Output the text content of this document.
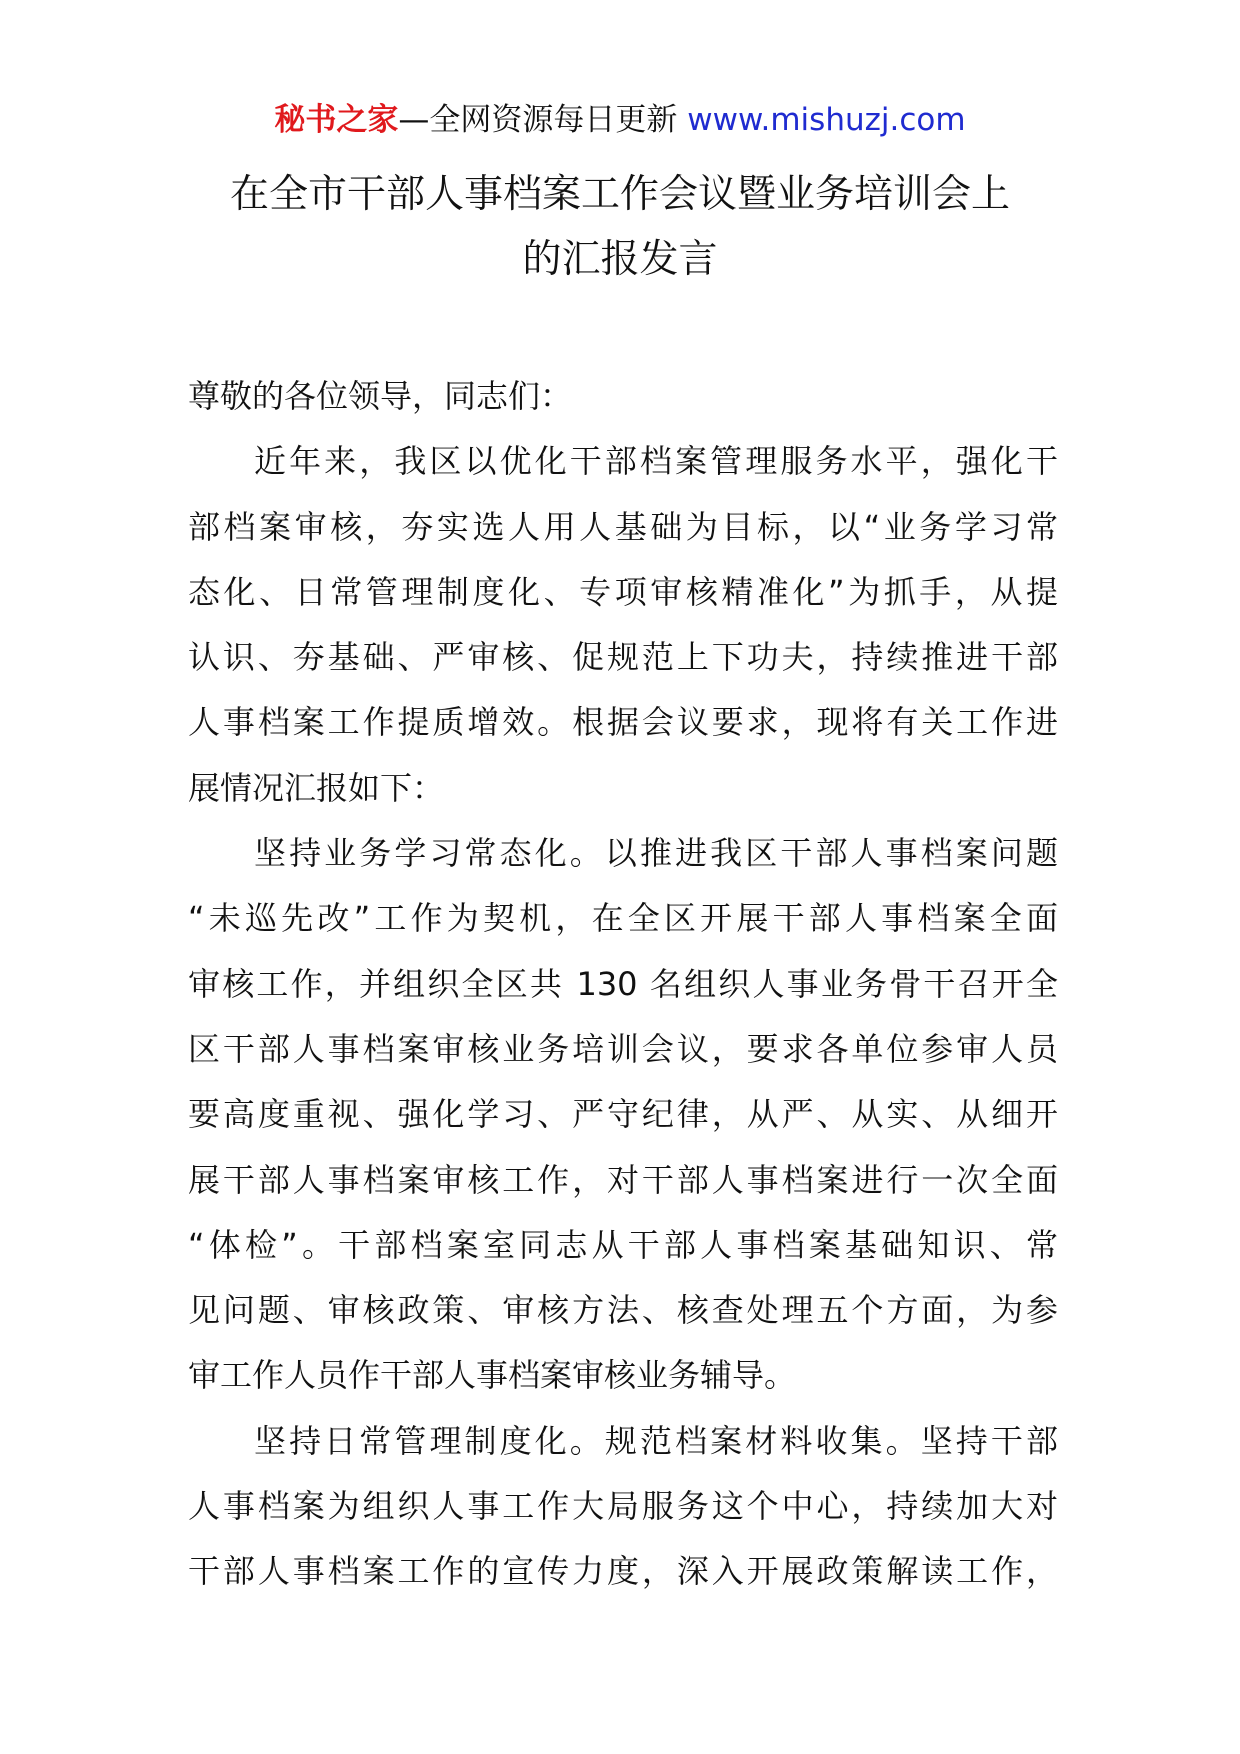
秘书之家—全网资源每日更新 www.mishuzj.com
在全市干部人事档案工作会议暨业务培训会上
的汇报发言
尊敬的各位领导，同志们：
近年来，我区以优化干部档案管理服务水平，强化干
部档案审核，夯实选人用人基础为目标，以“业务学习常
态化、日常管理制度化、专项审核精准化”为抓手，从提
认识、夯基础、严审核、促规范上下功夫，持续推进干部
人事档案工作提质增效。根据会议要求，现将有关工作进
展情况汇报如下：
坚持业务学习常态化。以推进我区干部人事档案问题
“未巡先改”工作为契机，在全区开展干部人事档案全面
审核工作，并组织全区共 130 名组织人事业务骨干召开全
区干部人事档案审核业务培训会议，要求各单位参审人员
要高度重视、强化学习、严守纪律，从严、从实、从细开
展干部人事档案审核工作，对干部人事档案进行一次全面
“体检”。干部档案室同志从干部人事档案基础知识、常
见问题、审核政策、审核方法、核查处理五个方面，为参
审工作人员作干部人事档案审核业务辅导。
坚持日常管理制度化。规范档案材料收集。坚持干部
人事档案为组织人事工作大局服务这个中心，持续加大对
干部人事档案工作的宣传力度，深入开展政策解读工作，
